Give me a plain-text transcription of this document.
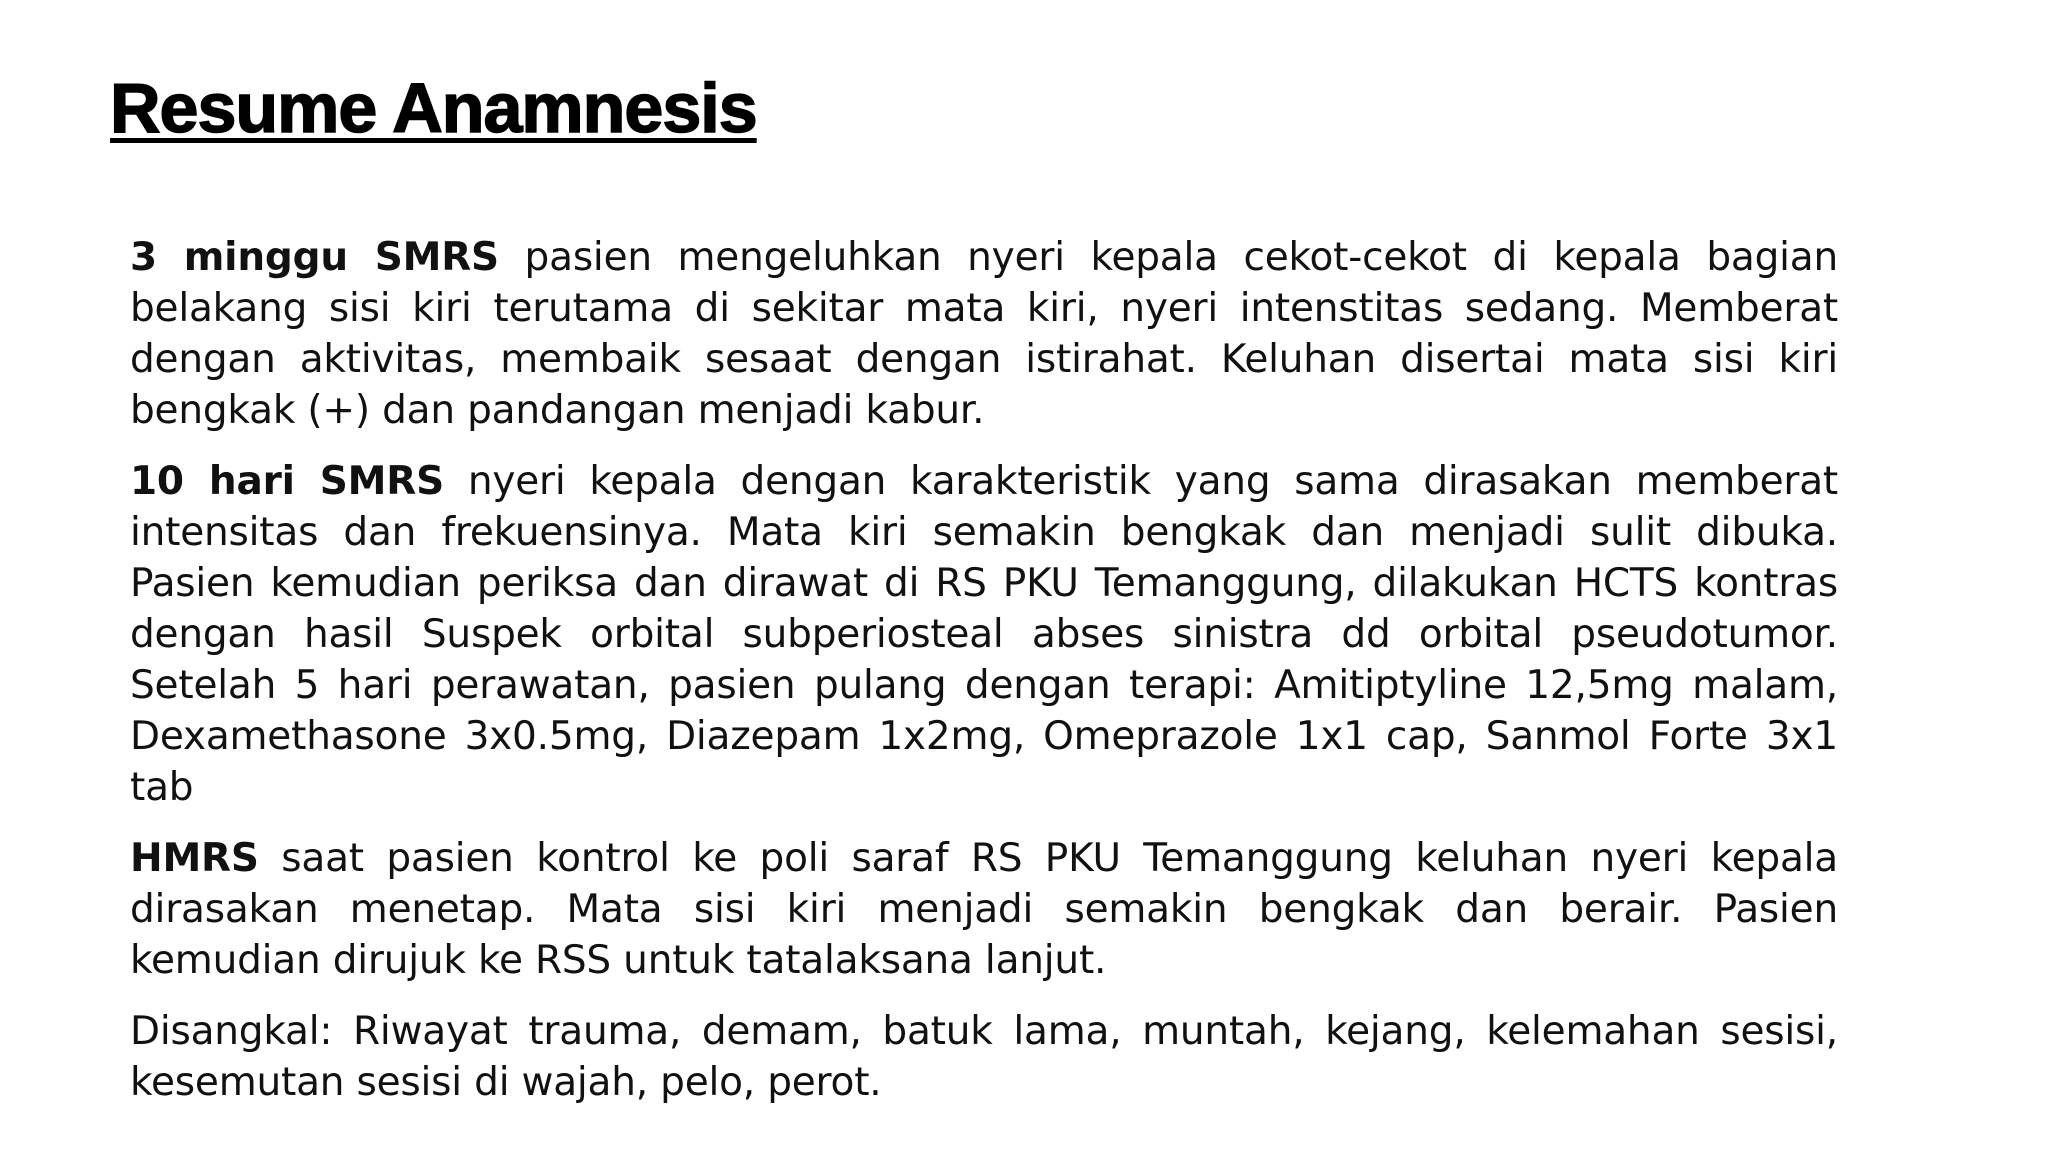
Resume Anamnesis

3 minggu SMRS pasien mengeluhkan nyeri kepala cekot-cekot di kepala bagian belakang sisi kiri terutama di sekitar mata kiri, nyeri intenstitas sedang. Memberat dengan aktivitas, membaik sesaat dengan istirahat. Keluhan disertai mata sisi kiri bengkak (+) dan pandangan menjadi kabur.

10 hari SMRS nyeri kepala dengan karakteristik yang sama dirasakan memberat intensitas dan frekuensinya. Mata kiri semakin bengkak dan menjadi sulit dibuka. Pasien kemudian periksa dan dirawat di RS PKU Temanggung, dilakukan HCTS kontras dengan hasil Suspek orbital subperiosteal abses sinistra dd orbital pseudotumor. Setelah 5 hari perawatan, pasien pulang dengan terapi: Amitiptyline 12,5mg malam, Dexamethasone 3x0.5mg, Diazepam 1x2mg, Omeprazole 1x1 cap, Sanmol Forte 3x1 tab

HMRS saat pasien kontrol ke poli saraf RS PKU Temanggung keluhan nyeri kepala dirasakan menetap. Mata sisi kiri menjadi semakin bengkak dan berair. Pasien kemudian dirujuk ke RSS untuk tatalaksana lanjut.

Disangkal: Riwayat trauma, demam, batuk lama, muntah, kejang, kelemahan sesisi, kesemutan sesisi di wajah, pelo, perot.
